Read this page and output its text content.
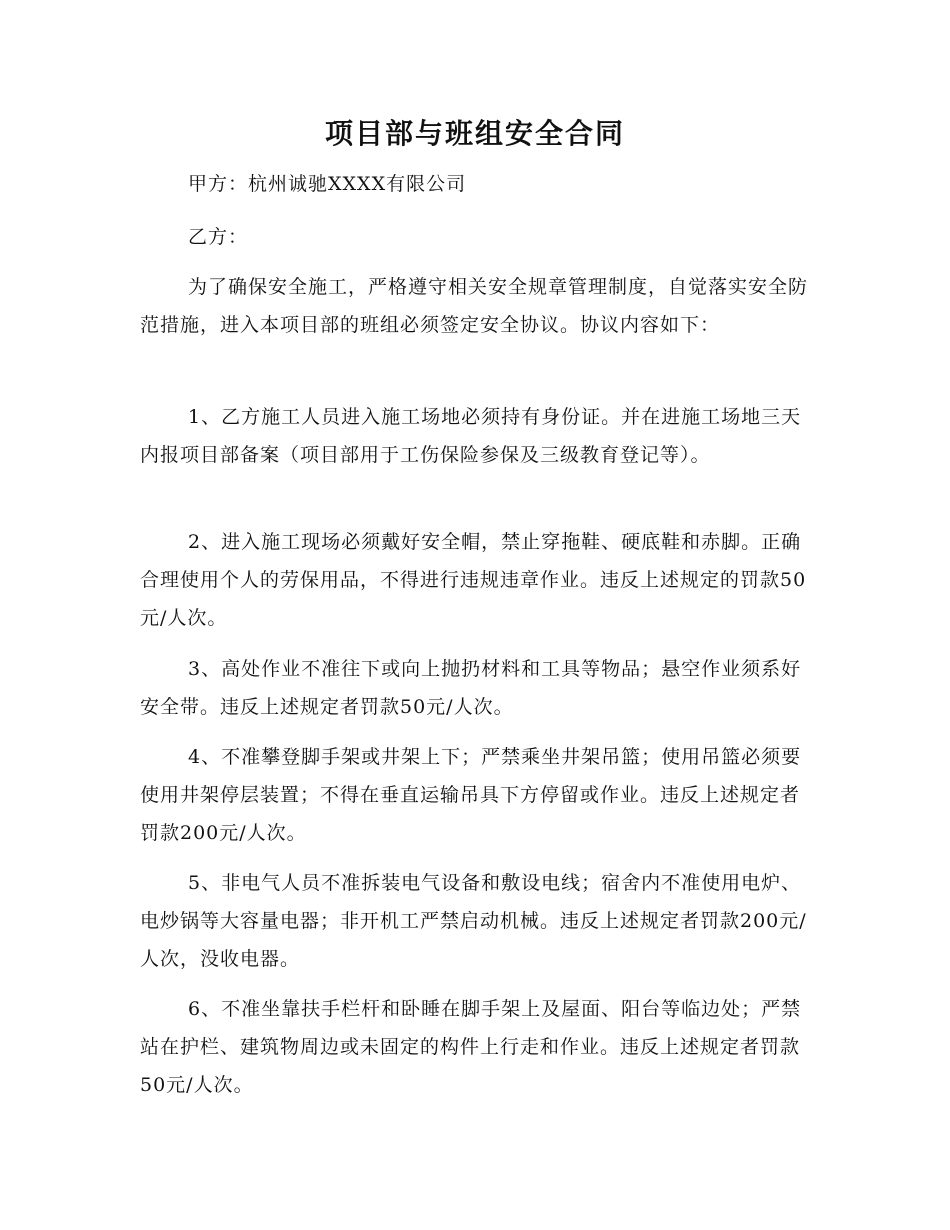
项目部与班组安全合同
甲方：杭州诚驰XXXX有限公司
乙方：
为了确保安全施工，严格遵守相关安全规章管理制度，自觉落实安全防范措施，进入本项目部的班组必须签定安全协议。协议内容如下：
1、乙方施工人员进入施工场地必须持有身份证。并在进施工场地三天内报项目部备案（项目部用于工伤保险参保及三级教育登记等）。
2、进入施工现场必须戴好安全帽，禁止穿拖鞋、硬底鞋和赤脚。正确合理使用个人的劳保用品，不得进行违规违章作业。违反上述规定的罚款50元/人次。
3、高处作业不准往下或向上抛扔材料和工具等物品；悬空作业须系好安全带。违反上述规定者罚款50元/人次。
4、不准攀登脚手架或井架上下；严禁乘坐井架吊篮；使用吊篮必须要使用井架停层装置；不得在垂直运输吊具下方停留或作业。违反上述规定者罚款200元/人次。
5、非电气人员不准拆装电气设备和敷设电线；宿舍内不准使用电炉、电炒锅等大容量电器；非开机工严禁启动机械。违反上述规定者罚款200元/人次，没收电器。
6、不准坐靠扶手栏杆和卧睡在脚手架上及屋面、阳台等临边处；严禁站在护栏、建筑物周边或未固定的构件上行走和作业。违反上述规定者罚款50元/人次。
